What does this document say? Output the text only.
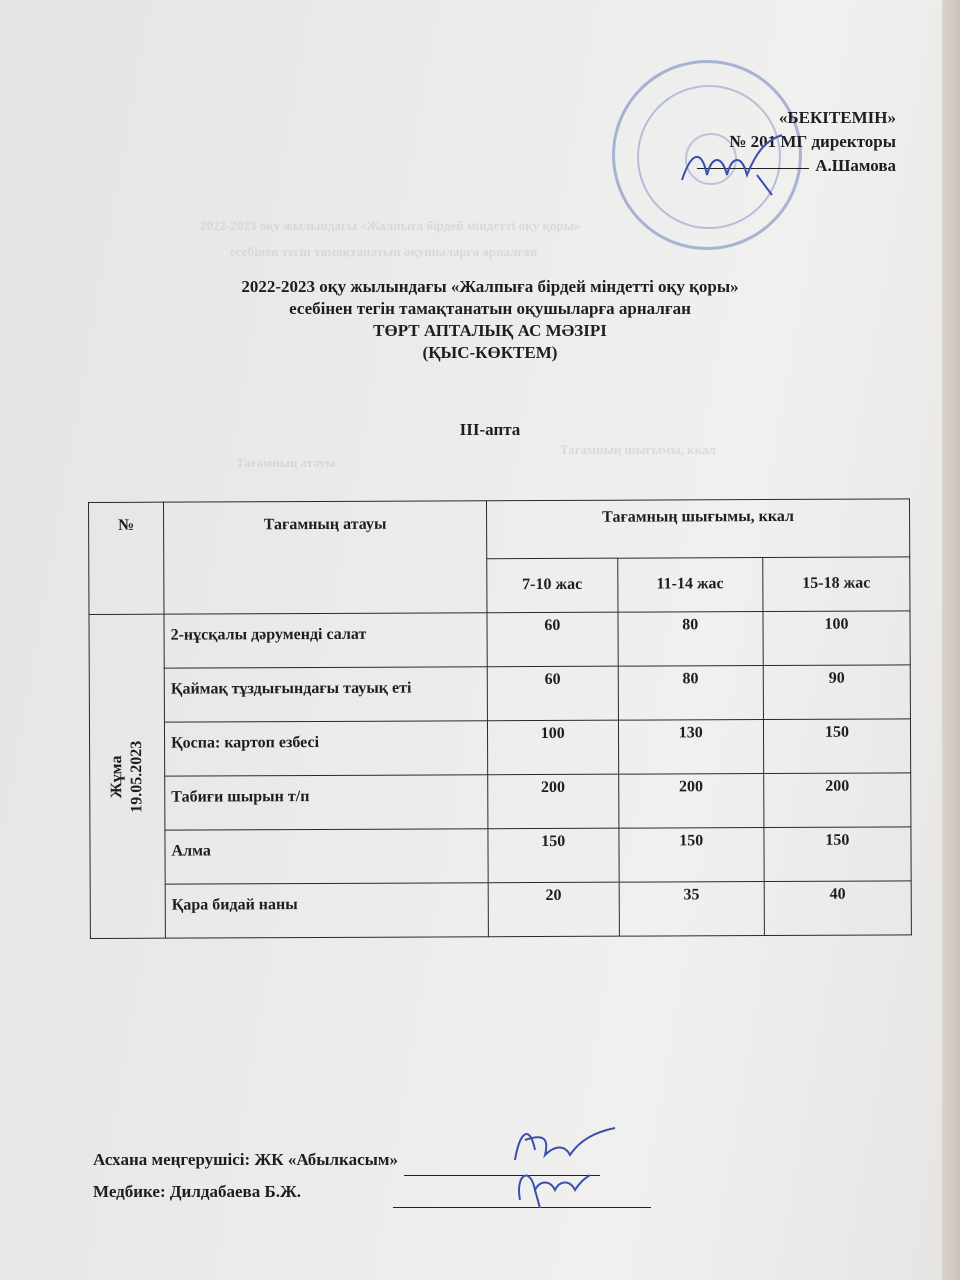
2022-2023 оқу жылындағы «Жалпыға бірдей міндетті оқу қоры»
есебінен тегін тамақтанатын оқушыларға арналған
Тағамның атауы
Тағамның шығымы, ккал
«БЕКІТЕМІН»
№ 201 МГ директоры
А.Шамова
2022-2023 оқу жылындағы «Жалпыға бірдей міндетті оқу қоры»
есебінен тегін тамақтанатын оқушыларға арналған
ТӨРТ АПТАЛЫҚ АС МӘЗІРІ
(ҚЫС-КӨКТЕМ)
ІІІ-апта
№	Тағамның атауы	Тағамның шығымы, ккал		
		7-10 жас	11-14 жас	15-18 жас
Жұма 19.05.2023	2-нұсқалы дәруменді салат	60	80	100
	Қаймақ тұздығындағы тауық еті	60	80	90
	Қоспа: картоп езбесі	100	130	150
	Табиғи шырын т/п	200	200	200
	Алма	150	150	150
	Қара бидай наны	20	35	40
Асхана меңгерушісі: ЖК «Абылкасым»
Медбике: Дилдабаева Б.Ж.
